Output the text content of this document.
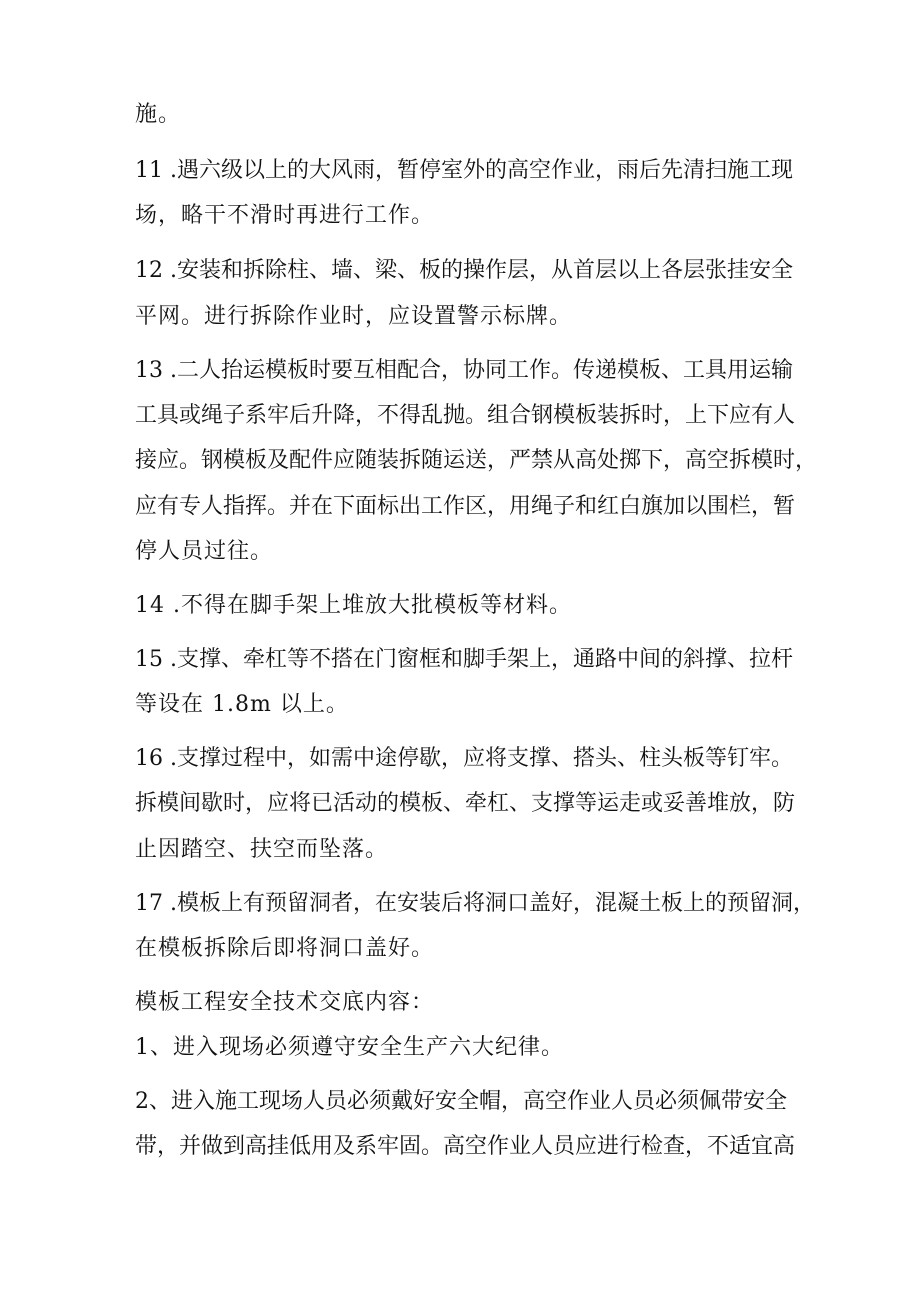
施。
11 .遇六级以上的大风雨，暂停室外的高空作业，雨后先清扫施工现
场，略干不滑时再进行工作。
12 .安装和拆除柱、墙、梁、板的操作层，从首层以上各层张挂安全
平网。进行拆除作业时，应设置警示标牌。
13 .二人抬运模板时要互相配合，协同工作。传递模板、工具用运输
工具或绳子系牢后升降，不得乱抛。组合钢模板装拆时，上下应有人
接应。钢模板及配件应随装拆随运送，严禁从高处掷下，高空拆模时，
应有专人指挥。并在下面标出工作区，用绳子和红白旗加以围栏，暂
停人员过往。
14 .不得在脚手架上堆放大批模板等材料。
15 .支撑、牵杠等不搭在门窗框和脚手架上，通路中间的斜撑、拉杆
等设在 1.8m 以上。
16 .支撑过程中，如需中途停歇，应将支撑、搭头、柱头板等钉牢。
拆模间歇时，应将已活动的模板、牵杠、支撑等运走或妥善堆放，防
止因踏空、扶空而坠落。
17 .模板上有预留洞者，在安装后将洞口盖好，混凝土板上的预留洞，
在模板拆除后即将洞口盖好。
模板工程安全技术交底内容：
1、进入现场必须遵守安全生产六大纪律。
2、进入施工现场人员必须戴好安全帽，高空作业人员必须佩带安全
带，并做到高挂低用及系牢固。高空作业人员应进行检查，不适宜高
